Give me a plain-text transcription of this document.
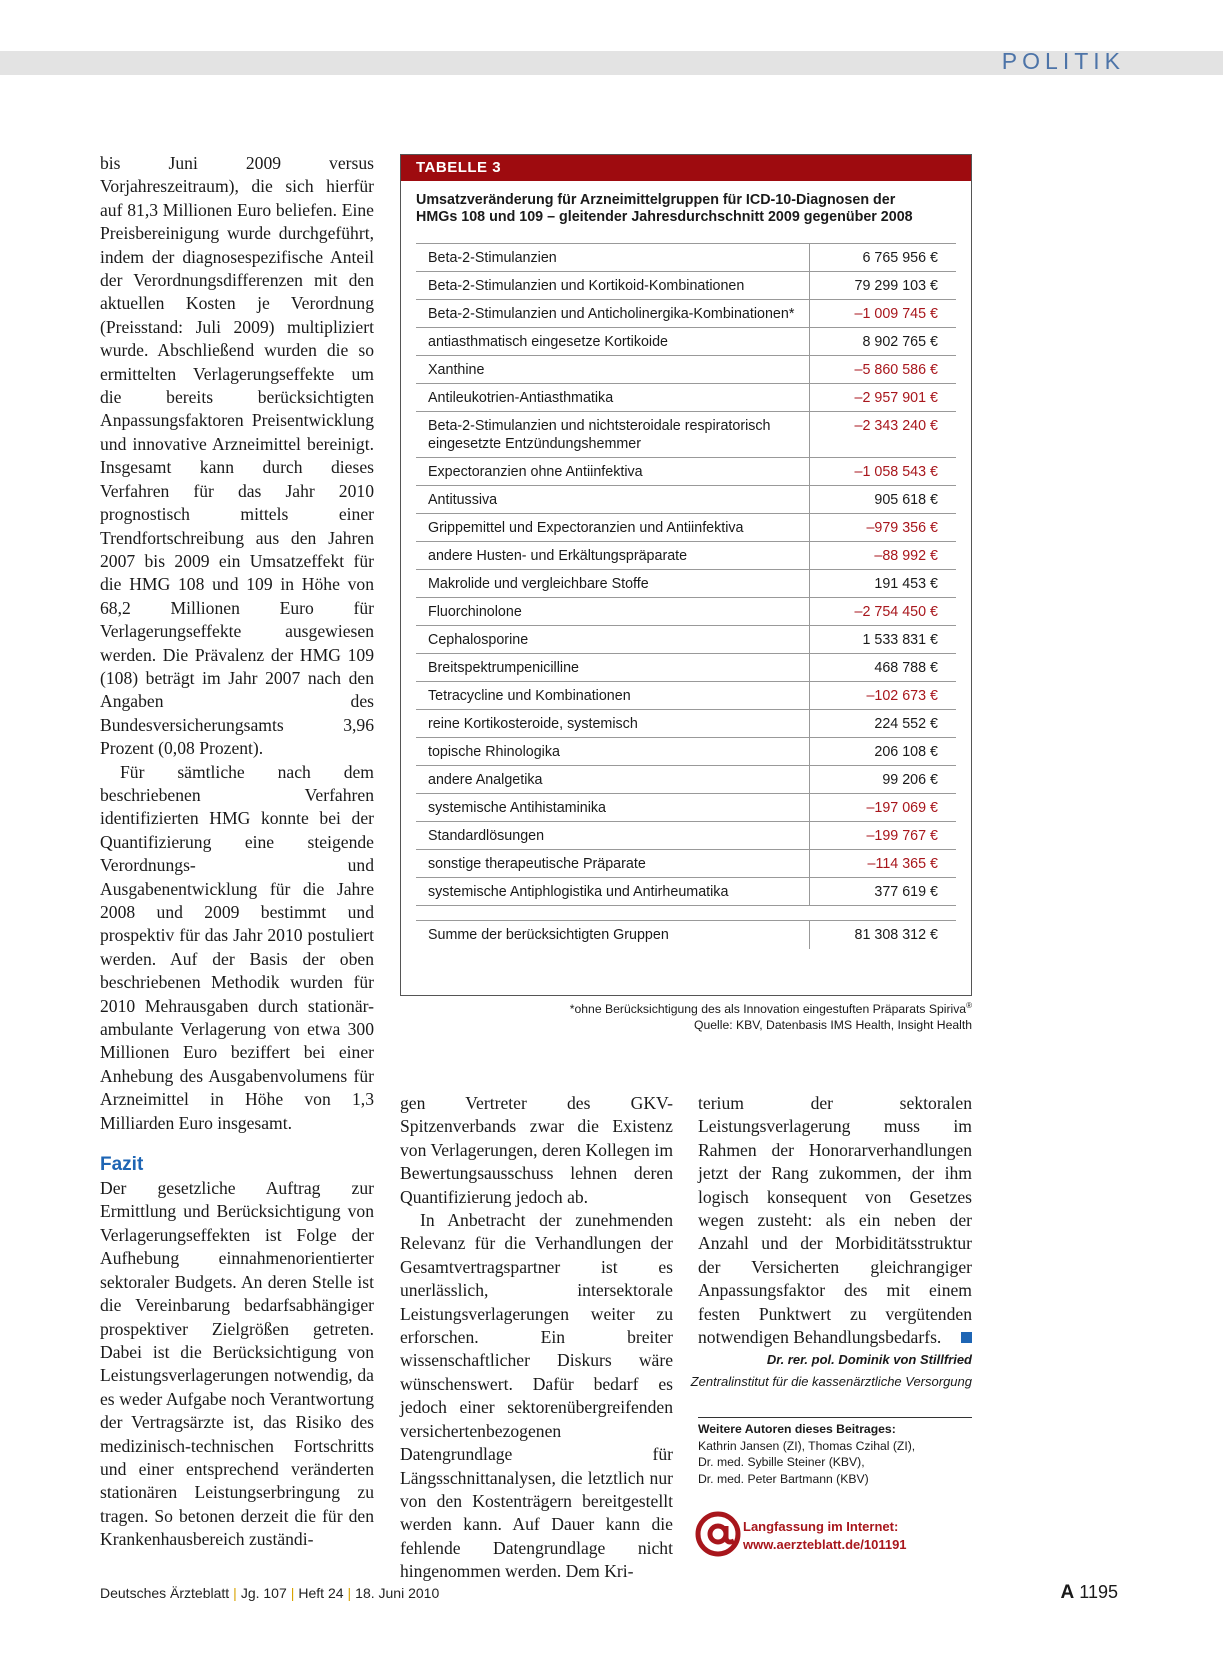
POLITIK

bis Juni 2009 versus Vorjahreszeitraum), die sich hierfür auf 81,3 Millionen Euro beliefen. Eine Preisbereinigung wurde durchgeführt, indem der diagnosespezifische Anteil der Verordnungsdifferenzen mit den aktuellen Kosten je Verordnung (Preisstand: Juli 2009) multipliziert wurde. Abschließend wurden die so ermittelten Verlagerungseffekte um die bereits berücksichtigten Anpassungsfaktoren Preisentwicklung und innovative Arzneimittel bereinigt. Insgesamt kann durch dieses Verfahren für das Jahr 2010 prognostisch mittels einer Trendfortschreibung aus den Jahren 2007 bis 2009 ein Umsatzeffekt für die HMG 108 und 109 in Höhe von 68,2 Millionen Euro für Verlagerungseffekte ausgewiesen werden. Die Prävalenz der HMG 109 (108) beträgt im Jahr 2007 nach den Angaben des Bundesversicherungsamts 3,96 Prozent (0,08 Prozent).

Für sämtliche nach dem beschriebenen Verfahren identifizierten HMG konnte bei der Quantifizierung eine steigende Verordnungs- und Ausgabenentwicklung für die Jahre 2008 und 2009 bestimmt und prospektiv für das Jahr 2010 postuliert werden. Auf der Basis der oben beschriebenen Methodik wurden für 2010 Mehrausgaben durch stationär-ambulante Verlagerung von etwa 300 Millionen Euro beziffert bei einer Anhebung des Ausgabenvolumens für Arzneimittel in Höhe von 1,3 Milliarden Euro insgesamt.

Fazit

Der gesetzliche Auftrag zur Ermittlung und Berücksichtigung von Verlagerungseffekten ist Folge der Aufhebung einnahmenorientierter sektoraler Budgets. An deren Stelle ist die Vereinbarung bedarfsabhängiger prospektiver Zielgrößen getreten. Dabei ist die Berücksichtigung von Leistungsverlagerungen notwendig, da es weder Aufgabe noch Verantwortung der Vertragsärzte ist, das Risiko des medizinisch-technischen Fortschritts und einer entsprechend veränderten stationären Leistungserbringung zu tragen. So betonen derzeit die für den Krankenhausbereich zuständi-

TABELLE 3
Umsatzveränderung für Arzneimittelgruppen für ICD-10-Diagnosen der
HMGs 108 und 109 – gleitender Jahresdurchschnitt 2009 gegenüber 2008
Beta-2-Stimulanzien	6 765 956 €
Beta-2-Stimulanzien und Kortikoid-Kombinationen	79 299 103 €
Beta-2-Stimulanzien und Anticholinergika-Kombinationen*	–1 009 745 €
antiasthmatisch eingesetze Kortikoide	8 902 765 €
Xanthine	–5 860 586 €
Antileukotrien-Antiasthmatika	–2 957 901 €

Beta-2-Stimulanzien und nichtsteroidale respiratorisch
eingesetzte Entzündungshemmer	–2 343 240 €
Expectoranzien ohne Antiinfektiva	–1 058 543 €
Antitussiva	905 618 €
Grippemittel und Expectoranzien und Antiinfektiva	–979 356 €
andere Husten- und Erkältungspräparate	–88 992 €
Makrolide und vergleichbare Stoffe	191 453 €
Fluorchinolone	–2 754 450 €
Cephalosporine	1 533 831 €
Breitspektrumpenicilline	468 788 €
Tetracycline und Kombinationen	–102 673 €
reine Kortikosteroide, systemisch	224 552 €
topische Rhinologika	206 108 €
andere Analgetika	99 206 €
systemische Antihistaminika	–197 069 €
Standardlösungen	–199 767 €
sonstige therapeutische Präparate	–114 365 €
systemische Antiphlogistika und Antirheumatika	377 619 €

Summe der berücksichtigten Gruppen	81 308 312 €
*ohne Berücksichtigung des als Innovation eingestuften Präparats Spiriva®
Quelle: KBV, Datenbasis IMS Health, Insight Health

gen Vertreter des GKV-Spitzenverbands zwar die Existenz von Verlagerungen, deren Kollegen im Bewertungsausschuss lehnen deren Quantifizierung jedoch ab.

In Anbetracht der zunehmenden Relevanz für die Verhandlungen der Gesamtvertragspartner ist es unerlässlich, intersektorale Leistungsverlagerungen weiter zu erforschen. Ein breiter wissenschaftlicher Diskurs wäre wünschenswert. Dafür bedarf es jedoch einer sektorenübergreifenden versichertenbezogenen Datengrundlage für Längsschnittanalysen, die letztlich nur von den Kostenträgern bereitgestellt werden kann. Auf Dauer kann die fehlende Datengrundlage nicht hingenommen werden. Dem Kri-

terium der sektoralen Leistungsverlagerung muss im Rahmen der Honorarverhandlungen jetzt der Rang zukommen, der ihm logisch konsequent von Gesetzes wegen zusteht: als ein neben der Anzahl und der Morbiditätsstruktur der Versicherten gleichrangiger Anpassungsfaktor des mit einem festen Punktwert zu vergütenden notwendigen Behandlungsbedarfs.

Dr. rer. pol. Dominik von Stillfried
Zentralinstitut für die kassenärztliche Versorgung
Weitere Autoren dieses Beitrages:
Kathrin Jansen (ZI), Thomas Czihal (ZI),
Dr. med. Sybille Steiner (KBV),
Dr. med. Peter Bartmann (KBV)
Langfassung im Internet:
www.aerzteblatt.de/101191
Deutsches Ärzteblatt | Jg. 107 | Heft 24 | 18. Juni 2010	A 1195
